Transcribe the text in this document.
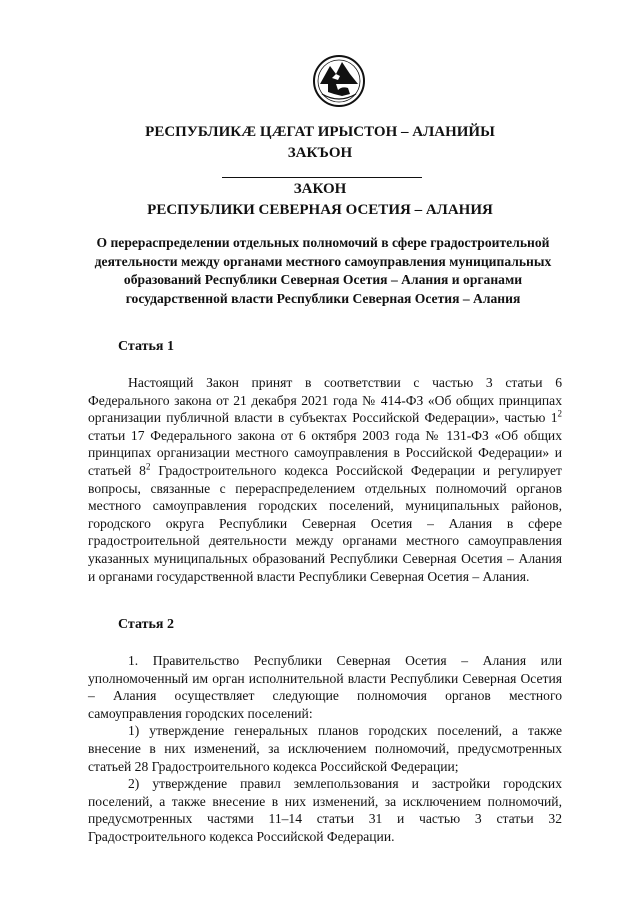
РЕСПУБЛИКӔ ЦӔГАТ ИРЫСТОН – АЛАНИЙЫ
ЗАКЪОН
ЗАКОН
РЕСПУБЛИКИ СЕВЕРНАЯ ОСЕТИЯ – АЛАНИЯ
О перераспределении отдельных полномочий в сфере градостроительной деятельности между органами местного самоуправления муниципальных образований Республики Северная Осетия – Алания и органами государственной власти Республики Северная Осетия – Алания
Статья 1

Настоящий Закон принят в соответствии с частью 3 статьи 6 Федерального закона от 21 декабря 2021 года № 414-ФЗ «Об общих принципах организации публичной власти в субъектах Российской Федерации», частью $1^2$ статьи 17 Федерального закона от 6 октября 2003 года № 131-ФЗ «Об общих принципах организации местного самоуправления в Российской Федерации» и статьей $8^2$ Градостроительного кодекса Российской Федерации и регулирует вопросы, связанные с перераспределением отдельных полномочий органов местного самоуправления городских поселений, муниципальных районов, городского округа Республики Северная Осетия – Алания в сфере градостроительной деятельности между органами местного самоуправления указанных муниципальных образований Республики Северная Осетия – Алания и органами государственной власти Республики Северная Осетия – Алания.

Статья 2

1. Правительство Республики Северная Осетия – Алания или уполномоченный им орган исполнительной власти Республики Северная Осетия – Алания осуществляет следующие полномочия органов местного самоуправления городских поселений:

1) утверждение генеральных планов городских поселений, а также внесение в них изменений, за исключением полномочий, предусмотренных статьей 28 Градостроительного кодекса Российской Федерации;

2) утверждение правил землепользования и застройки городских поселений, а также внесение в них изменений, за исключением полномочий, предусмотренных частями 11–14 статьи 31 и частью 3 статьи 32 Градостроительного кодекса Российской Федерации.
